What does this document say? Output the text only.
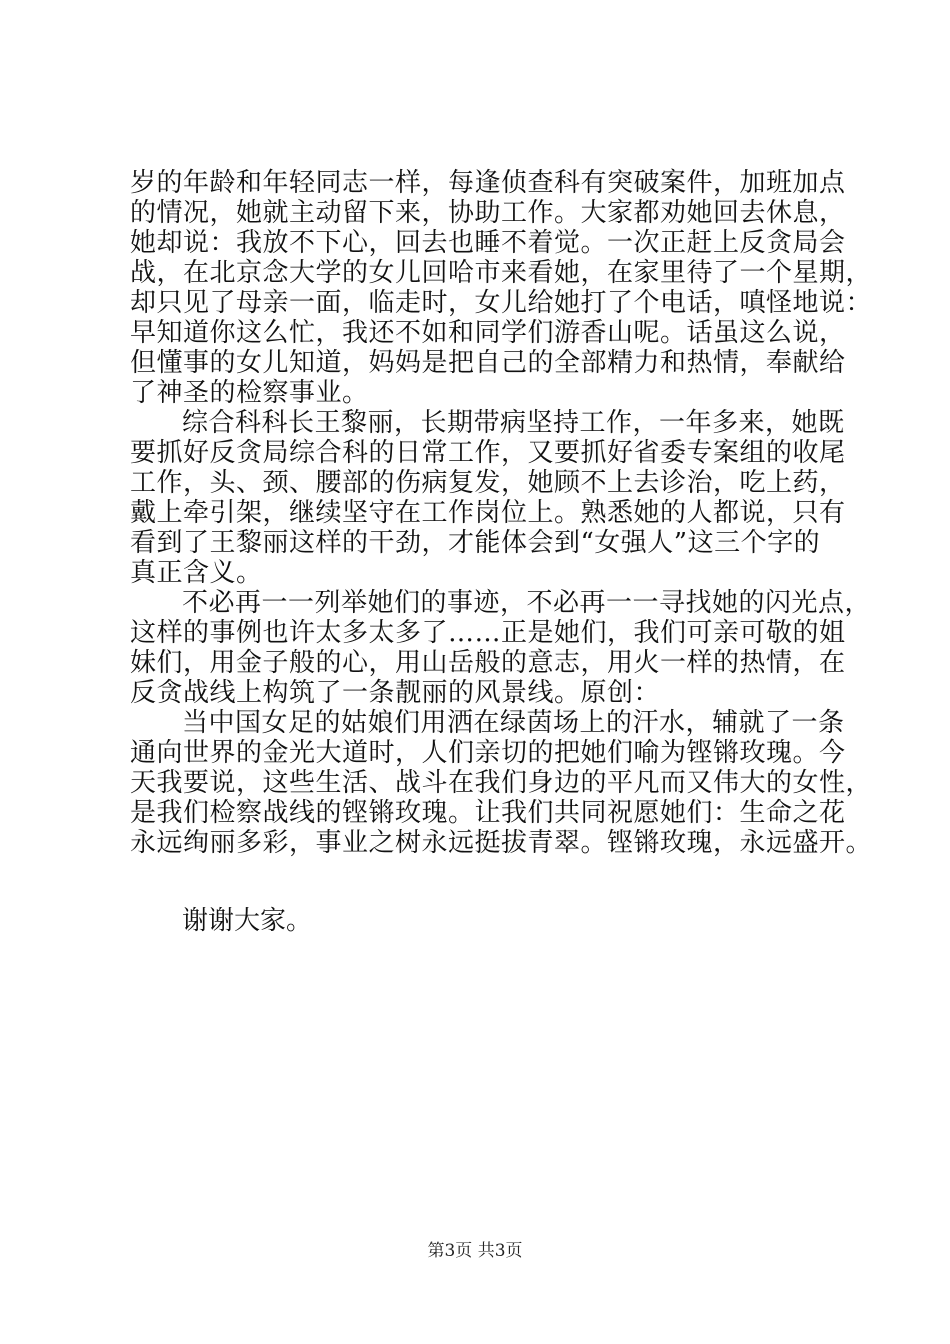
岁的年龄和年轻同志一样，每逢侦查科有突破案件，加班加点
的情况，她就主动留下来，协助工作。大家都劝她回去休息，
她却说：我放不下心，回去也睡不着觉。一次正赶上反贪局会
战，在北京念大学的女儿回哈市来看她，在家里待了一个星期，
却只见了母亲一面，临走时，女儿给她打了个电话，嗔怪地说：
早知道你这么忙，我还不如和同学们游香山呢。话虽这么说，
但懂事的女儿知道，妈妈是把自己的全部精力和热情，奉献给
了神圣的检察事业。
综合科科长王黎丽，长期带病坚持工作，一年多来，她既
要抓好反贪局综合科的日常工作，又要抓好省委专案组的收尾
工作，头、颈、腰部的伤病复发，她顾不上去诊治，吃上药，
戴上牵引架，继续坚守在工作岗位上。熟悉她的人都说，只有
看到了王黎丽这样的干劲，才能体会到“女强人”这三个字的
真正含义。
不必再一一列举她们的事迹，不必再一一寻找她的闪光点，
这样的事例也许太多太多了……正是她们，我们可亲可敬的姐
妹们，用金子般的心，用山岳般的意志，用火一样的热情，在
反贪战线上构筑了一条靓丽的风景线。原创：
当中国女足的姑娘们用洒在绿茵场上的汗水，辅就了一条
通向世界的金光大道时，人们亲切的把她们喻为铿锵玫瑰。今
天我要说，这些生活、战斗在我们身边的平凡而又伟大的女性，
是我们检察战线的铿锵玫瑰。让我们共同祝愿她们：生命之花
永远绚丽多彩，事业之树永远挺拔青翠。铿锵玫瑰，永远盛开。
谢谢大家。
第3页 共3页
